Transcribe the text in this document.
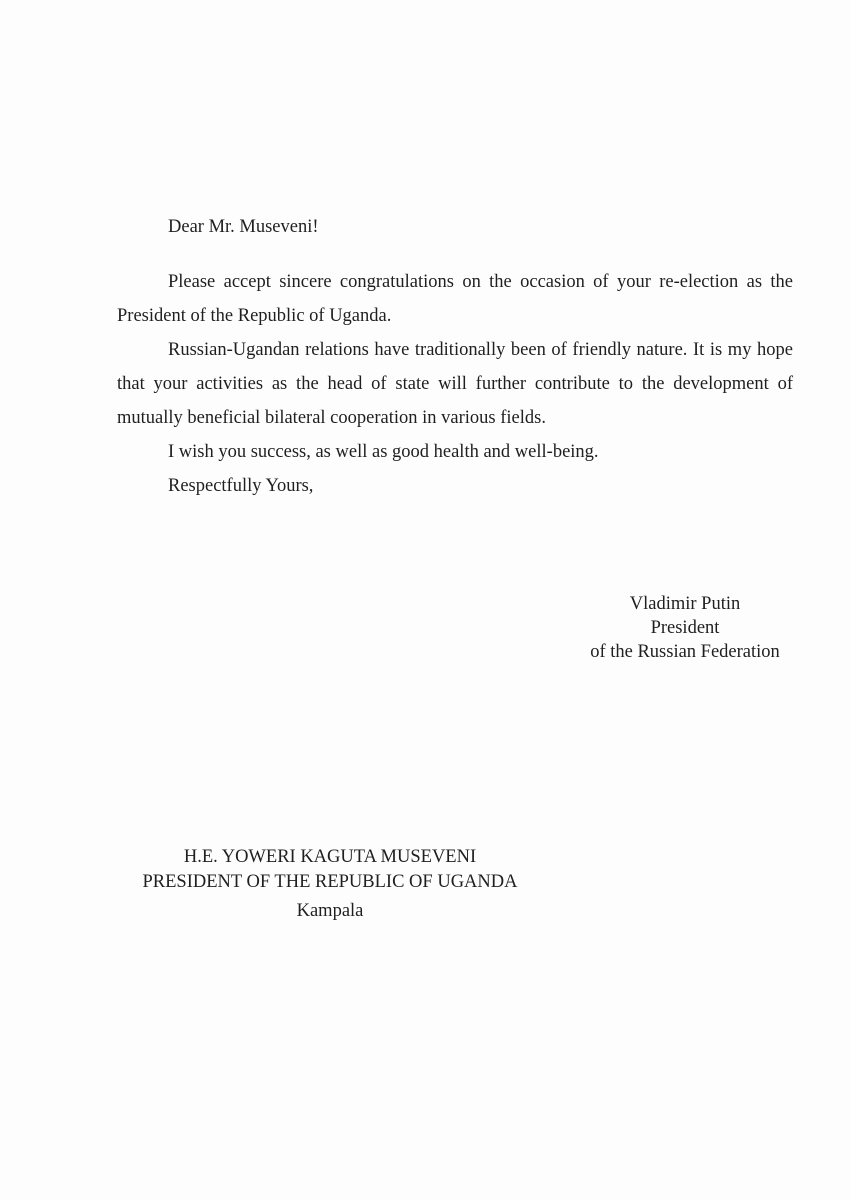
Dear Mr. Museveni!

Please accept sincere congratulations on the occasion of your re-election as the President of the Republic of Uganda.

Russian-Ugandan relations have traditionally been of friendly nature. It is my hope that your activities as the head of state will further contribute to the development of mutually beneficial bilateral cooperation in various fields.

I wish you success, as well as good health and well-being.

Respectfully Yours,

Vladimir Putin
President
of the Russian Federation
H.E. YOWERI KAGUTA MUSEVENI
PRESIDENT OF THE REPUBLIC OF UGANDA
Kampala
